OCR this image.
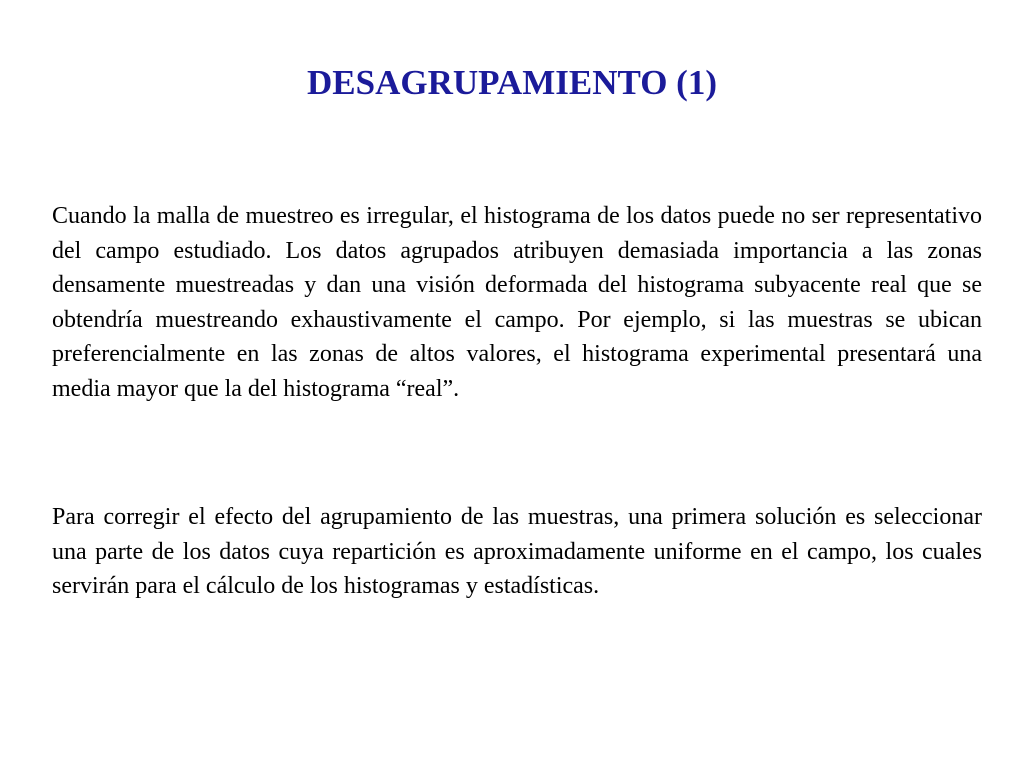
DESAGRUPAMIENTO (1)

Cuando la malla de muestreo es irregular, el histograma de los datos puede no ser representativo del campo estudiado. Los datos agrupados atribuyen demasiada importancia a las zonas densamente muestreadas y dan una visión deformada del histograma subyacente real que se obtendría muestreando exhaustivamente el campo. Por ejemplo, si las muestras se ubican preferencialmente en las zonas de altos valores, el histograma experimental presentará una media mayor que la del histograma “real”.

Para corregir el efecto del agrupamiento de las muestras, una primera solución es seleccionar una parte de los datos cuya repartición es aproximadamente uniforme en el campo, los cuales servirán para el cálculo de los histogramas y estadísticas.
